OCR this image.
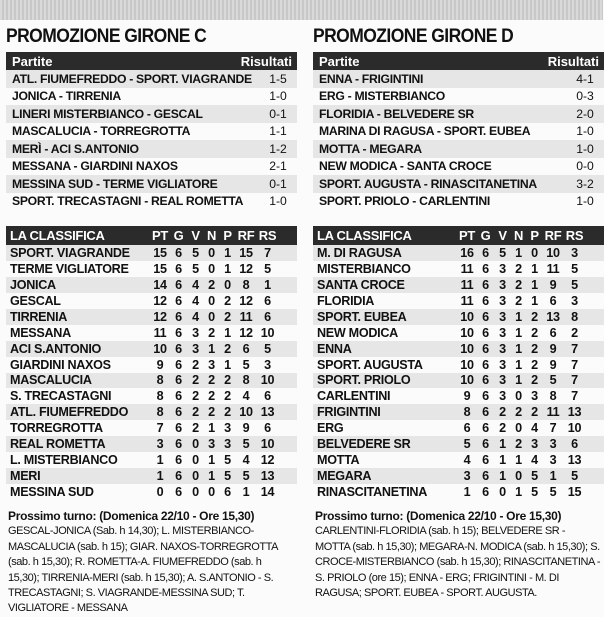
PROMOZIONE GIRONE C
Partite	Risultati
ATL. FIUMEFREDDO - SPORT. VIAGRANDE	1-5
JONICA - TIRRENIA	1-0
LINERI MISTERBIANCO - GESCAL	0-1
MASCALUCIA - TORREGROTTA	1-1
MERÌ - ACI S.ANTONIO	1-2
MESSANA - GIARDINI NAXOS	2-1
MESSINA SUD - TERME VIGLIATORE	0-1
SPORT. TRECASTAGNI - REAL ROMETTA	1-0
LA CLASSIFICA	PT G V N P RF RS
SPORT. VIAGRANDE	15 6 5 0 1 15 7
TERME VIGLIATORE	15 6 5 0 1 12 5
JONICA	14 6 4 2 0 8	1
GESCAL	12 6 4 0 2 12 6
TIRRENIA	12 6 4 0 2 11 6
MESSANA	11 6 3 2 1 12 10
ACI S.ANTONIO	10 6 3 1 2 6	5
GIARDINI NAXOS	9 6 2 3 1 5	3
MASCALUCIA	8 6 2 2 2 8 10
S. TRECASTAGNI	8 6 2 2 2 4	6
ATL. FIUMEFREDDO	8 6 2 2 2 10 13
TORREGROTTA	7 6 2 1 3 9	6
REAL ROMETTA	3 6 0 3 3 5 10
L. MISTERBIANCO	1 6 0 1 5 4 12
MERI	1 6 0 1 5 5 13
MESSINA SUD	0 6 0 0 6 1 14
Prossimo turno: (Domenica 22/10 - Ore 15,30)
GESCAL-JONICA (Sab. h 14,30); L. MISTERBIANCO-MASCALUCIA (sab. h 15); GIAR. NAXOS-TORREGROTTA (sab. h 15,30); R. ROMETTA-A. FIUMEFREDDO (sab. h 15,30); TIRRENIA-MERI (sab. h 15,30); A. S.ANTONIO - S. TRECASTAGNI; S. VIAGRANDE-MESSINA SUD; T. VIGLIATORE - MESSANA
PROMOZIONE GIRONE D
Partite	Risultati
ENNA - FRIGINTINI	4-1
ERG - MISTERBIANCO	0-3
FLORIDIA - BELVEDERE SR	2-0
MARINA DI RAGUSA - SPORT. EUBEA	1-0
MOTTA - MEGARA	1-0
NEW MODICA - SANTA CROCE	0-0
SPORT. AUGUSTA - RINASCITANETINA	3-2
SPORT. PRIOLO - CARLENTINI	1-0
LA CLASSIFICA	PT G V N P RF RS
M. DI RAGUSA	16 6 5 1 0 10 3
MISTERBIANCO	11 6 3 2 1 11 5
SANTA CROCE	11 6 3 2 1 9	5
FLORIDIA	11 6 3 2 1 6	3
SPORT. EUBEA	10 6 3 1 2 13 8
NEW MODICA	10 6 3 1 2 6	2
ENNA	10 6 3 1 2 9	7
SPORT. AUGUSTA	10 6 3 1 2 9	7
SPORT. PRIOLO	10 6 3 1 2 5	7
CARLENTINI	9 6 3 0 3 8	7
FRIGINTINI	8 6 2 2 2 11 13
ERG	6 6 2 0 4 7 10
BELVEDERE SR	5 6 1 2 3 3	6
MOTTA	4 6 1 1 4 3 13
MEGARA	3 6 1 0 5 1	5
RINASCITANETINA	1 6 0 1 5 5 15
Prossimo turno: (Domenica 22/10 - Ore 15,30)
CARLENTINI-FLORIDIA (sab. h 15); BELVEDERE SR - MOTTA (sab. h 15,30); MEGARA-N. MODICA (sab. h 15,30); S. CROCE-MISTERBIANCO (sab. h 15,30); RINASCITANETINA - S. PRIOLO (ore 15); ENNA - ERG; FRIGINTINI - M. DI RAGUSA; SPORT. EUBEA - SPORT. AUGUSTA.
